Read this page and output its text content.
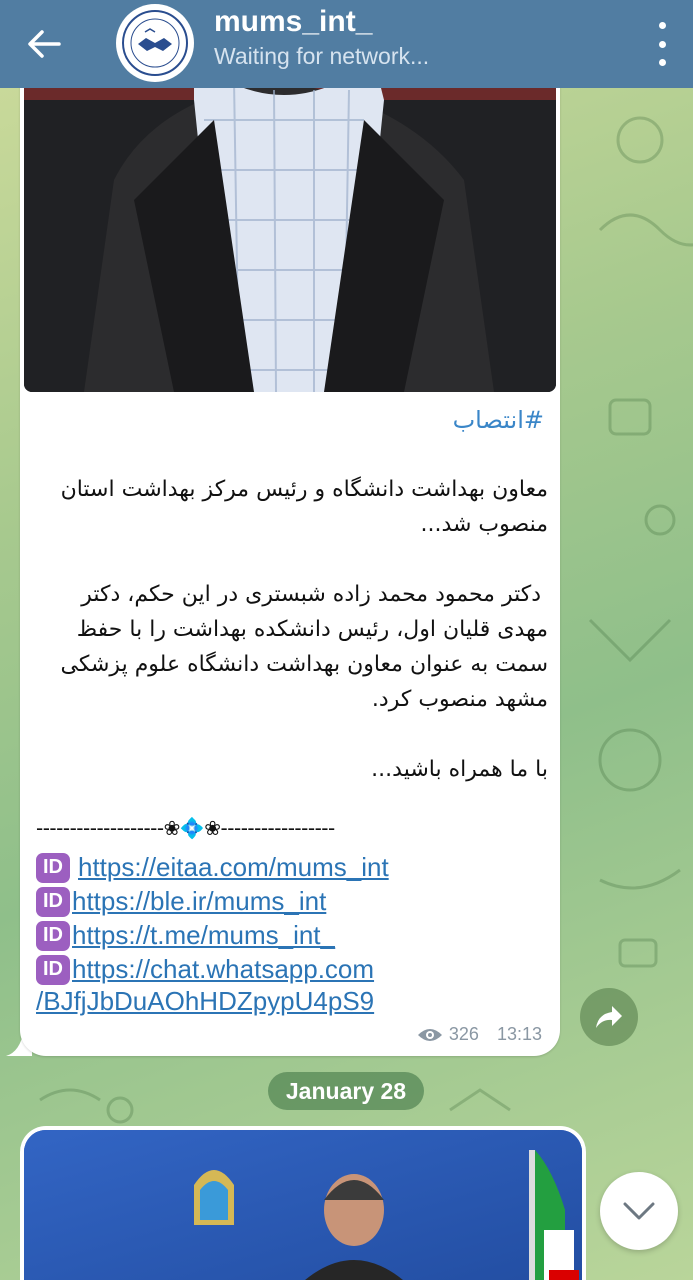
mums_int_
Waiting for network...
#انتصاب
معاون بهداشت دانشگاه و رئیس مرکز بهداشت استان منصوب شد...

دکتر محمود محمد زاده شبستری در این حکم، دکتر مهدی قلیان اول، رئیس دانشکده بهداشت را با حفظ سمت به عنوان معاون بهداشت دانشگاه علوم پزشکی مشهد منصوب کرد.

با ما همراه باشید...
-------------------❀💠❀-----------------
ID https://eitaa.com/mums_int
ID https://ble.ir/mums_int
ID https://t.me/mums_int_
ID https://chat.whatsapp.com
/BJfjJbDuAOhHDZpypU4pS9
326 13:13
January 28
